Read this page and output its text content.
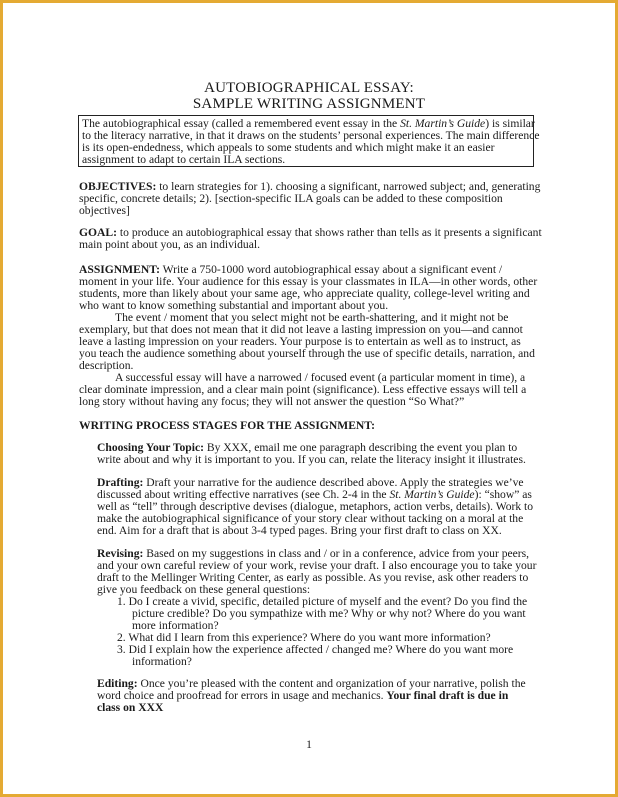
AUTOBIOGRAPHICAL ESSAY:
SAMPLE WRITING ASSIGNMENT
The autobiographical essay (called a remembered event essay in the St. Martin’s Guide) is similar
to the literacy narrative, in that it draws on the students’ personal experiences. The main difference
is its open-endedness, which appeals to some students and which might make it an easier
assignment to adapt to certain ILA sections.
OBJECTIVES: to learn strategies for 1). choosing a significant, narrowed subject; and, generating
specific, concrete details; 2). [section-specific ILA goals can be added to these composition
objectives]
GOAL: to produce an autobiographical essay that shows rather than tells as it presents a significant
main point about you, as an individual.
ASSIGNMENT: Write a 750-1000 word autobiographical essay about a significant event /
moment in your life. Your audience for this essay is your classmates in ILA—in other words, other
students, more than likely about your same age, who appreciate quality, college-level writing and
who want to know something substantial and important about you.
The event / moment that you select might not be earth-shattering, and it might not be
exemplary, but that does not mean that it did not leave a lasting impression on you—and cannot
leave a lasting impression on your readers. Your purpose is to entertain as well as to instruct, as
you teach the audience something about yourself through the use of specific details, narration, and
description.
A successful essay will have a narrowed / focused event (a particular moment in time), a
clear dominate impression, and a clear main point (significance). Less effective essays will tell a
long story without having any focus; they will not answer the question “So What?”
WRITING PROCESS STAGES FOR THE ASSIGNMENT:
Choosing Your Topic: By XXX, email me one paragraph describing the event you plan to
write about and why it is important to you. If you can, relate the literacy insight it illustrates.
Drafting: Draft your narrative for the audience described above. Apply the strategies we’ve
discussed about writing effective narratives (see Ch. 2-4 in the St. Martin’s Guide): “show” as
well as “tell” through descriptive devises (dialogue, metaphors, action verbs, details). Work to
make the autobiographical significance of your story clear without tacking on a moral at the
end. Aim for a draft that is about 3-4 typed pages. Bring your first draft to class on XX.
Revising: Based on my suggestions in class and / or in a conference, advice from your peers,
and your own careful review of your work, revise your draft. I also encourage you to take your
draft to the Mellinger Writing Center, as early as possible. As you revise, ask other readers to
give you feedback on these general questions:
1. Do I create a vivid, specific, detailed picture of myself and the event? Do you find the
picture credible? Do you sympathize with me? Why or why not? Where do you want
more information?
2. What did I learn from this experience? Where do you want more information?
3. Did I explain how the experience affected / changed me? Where do you want more
information?
Editing: Once you’re pleased with the content and organization of your narrative, polish the
word choice and proofread for errors in usage and mechanics. Your final draft is due in
class on XXX
1
